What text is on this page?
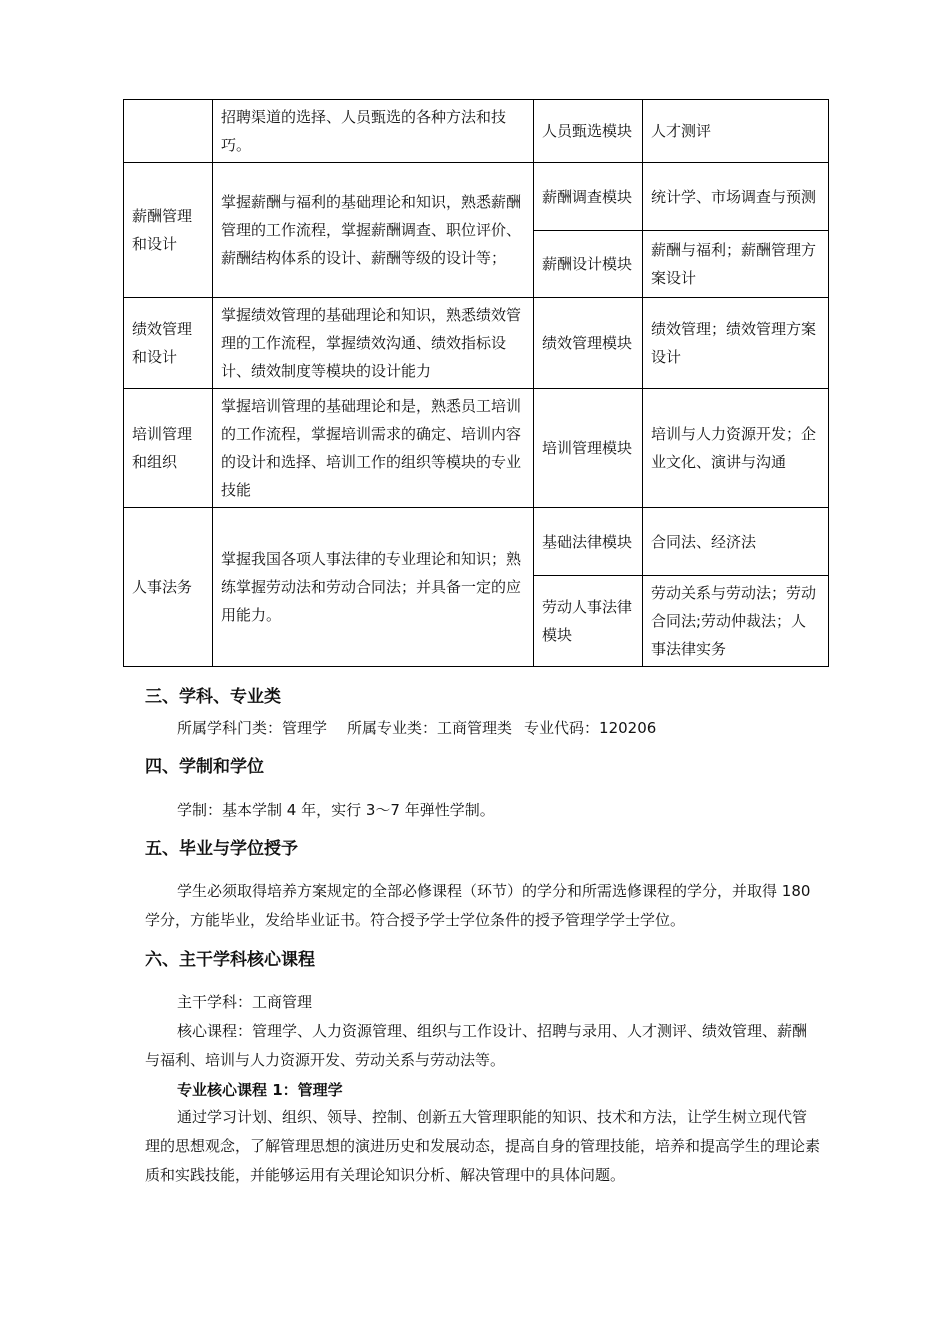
	招聘渠道的选择、人员甄选的各种方法和技巧。	人员甄选模块	人才测评
薪酬管理和设计	掌握薪酬与福利的基础理论和知识，熟悉薪酬管理的工作流程，掌握薪酬调查、职位评价、薪酬结构体系的设计、薪酬等级的设计等；	薪酬调查模块	统计学、市场调查与预测
		薪酬设计模块	薪酬与福利；薪酬管理方案设计
绩效管理和设计	掌握绩效管理的基础理论和知识，熟悉绩效管理的工作流程，掌握绩效沟通、绩效指标设计、绩效制度等模块的设计能力	绩效管理模块	绩效管理；绩效管理方案设计
培训管理和组织	掌握培训管理的基础理论和是，熟悉员工培训的工作流程，掌握培训需求的确定、培训内容的设计和选择、培训工作的组织等模块的专业技能	培训管理模块	培训与人力资源开发；企业文化、演讲与沟通
人事法务	掌握我国各项人事法律的专业理论和知识；熟练掌握劳动法和劳动合同法；并具备一定的应用能力。	基础法律模块	合同法、经济法
		劳动人事法律模块	劳动关系与劳动法；劳动合同法;劳动仲裁法；人事法律实务
三、学科、专业类
所属学科门类：管理学 所属专业类：工商管理类 专业代码：120206
四、学制和学位
学制：基本学制 4 年，实行 3～7 年弹性学制。
五、毕业与学位授予
学生必须取得培养方案规定的全部必修课程（环节）的学分和所需选修课程的学分，并取得 180 学分，方能毕业，发给毕业证书。符合授予学士学位条件的授予管理学学士学位。
六、主干学科核心课程
主干学科：工商管理
核心课程：管理学、人力资源管理、组织与工作设计、招聘与录用、人才测评、绩效管理、薪酬与福利、培训与人力资源开发、劳动关系与劳动法等。
专业核心课程 1：管理学
通过学习计划、组织、领导、控制、创新五大管理职能的知识、技术和方法，让学生树立现代管理的思想观念，了解管理思想的演进历史和发展动态，提高自身的管理技能，培养和提高学生的理论素质和实践技能，并能够运用有关理论知识分析、解决管理中的具体问题。
